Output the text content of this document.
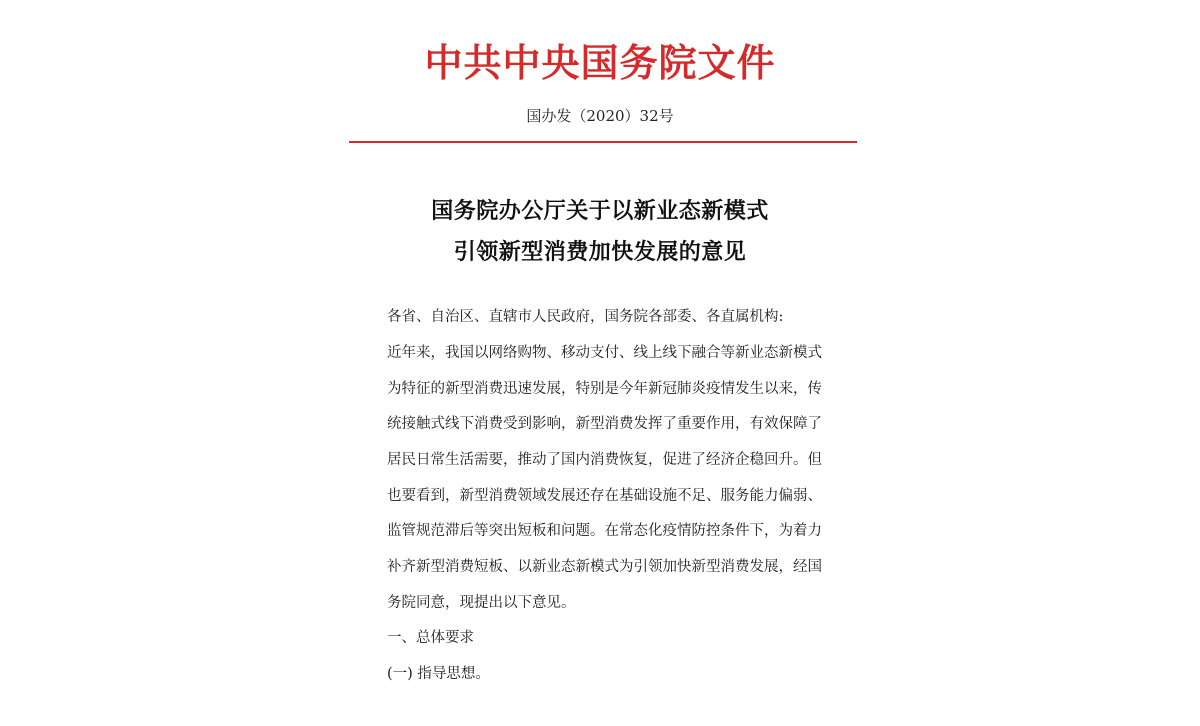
中共中央国务院文件
国办发（2020）32号
国务院办公厅关于以新业态新模式
引领新型消费加快发展的意见
各省、自治区、直辖市人民政府，国务院各部委、各直属机构:
近年来，我国以网络购物、移动支付、线上线下融合等新业态新模式
为特征的新型消费迅速发展，特别是今年新冠肺炎疫情发生以来，传
统接触式线下消费受到影响，新型消费发挥了重要作用，有效保障了
居民日常生活需要，推动了国内消费恢复，促进了经济企稳回升。但
也要看到，新型消费领域发展还存在基础设施不足、服务能力偏弱、
监管规范滞后等突出短板和问题。在常态化疫情防控条件下，为着力
补齐新型消费短板、以新业态新模式为引领加快新型消费发展，经国
务院同意，现提出以下意见。
一、总体要求
(一) 指导思想。
